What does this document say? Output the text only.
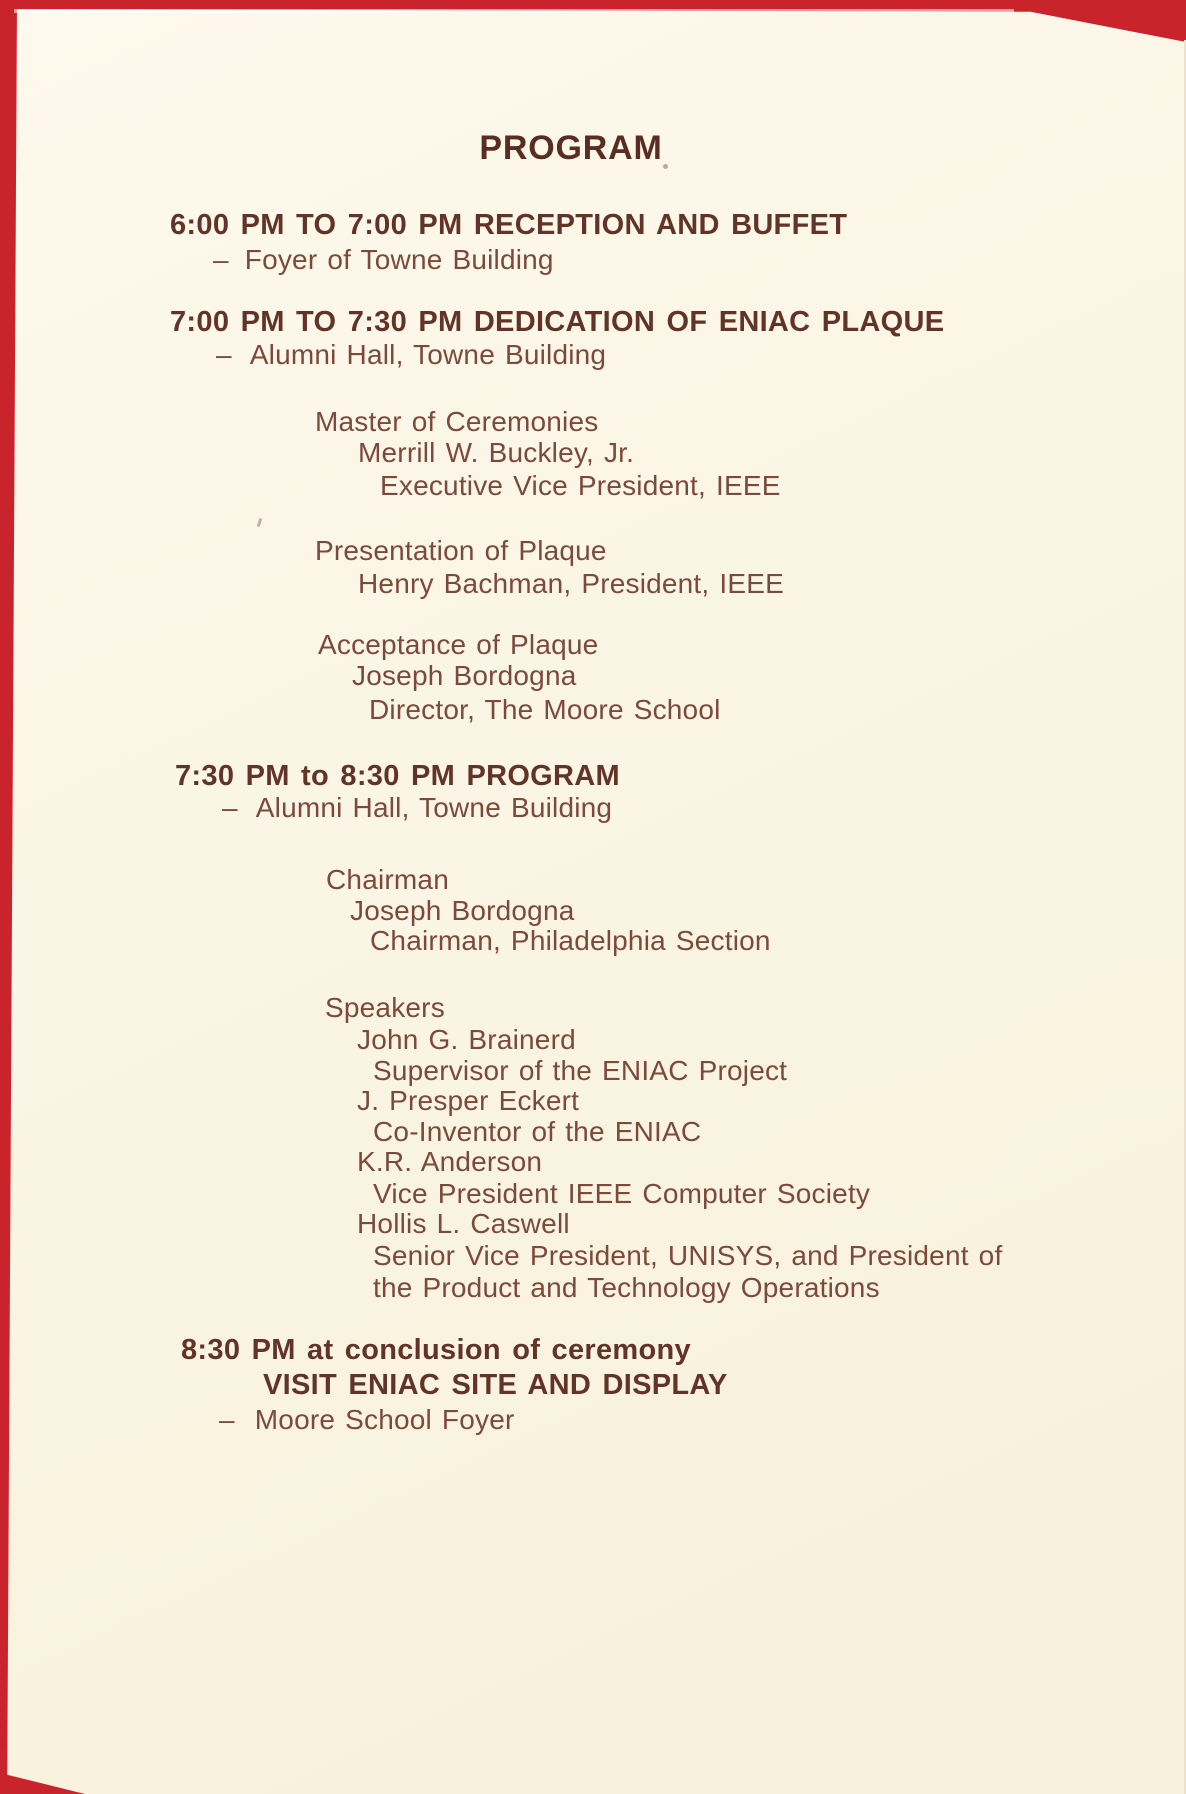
PROGRAM
6:00 PM TO 7:00 PM RECEPTION AND BUFFET
– Foyer of Towne Building
7:00 PM TO 7:30 PM DEDICATION OF ENIAC PLAQUE
– Alumni Hall, Towne Building
Master of Ceremonies
Merrill W. Buckley, Jr.
Executive Vice President, IEEE
Presentation of Plaque
Henry Bachman, President, IEEE
Acceptance of Plaque
Joseph Bordogna
Director, The Moore School
7:30 PM to 8:30 PM PROGRAM
– Alumni Hall, Towne Building
Chairman
Joseph Bordogna
Chairman, Philadelphia Section
Speakers
John G. Brainerd
Supervisor of the ENIAC Project
J. Presper Eckert
Co-Inventor of the ENIAC
K.R. Anderson
Vice President IEEE Computer Society
Hollis L. Caswell
Senior Vice President, UNISYS, and President of
the Product and Technology Operations
8:30 PM at conclusion of ceremony
VISIT ENIAC SITE AND DISPLAY
– Moore School Foyer
